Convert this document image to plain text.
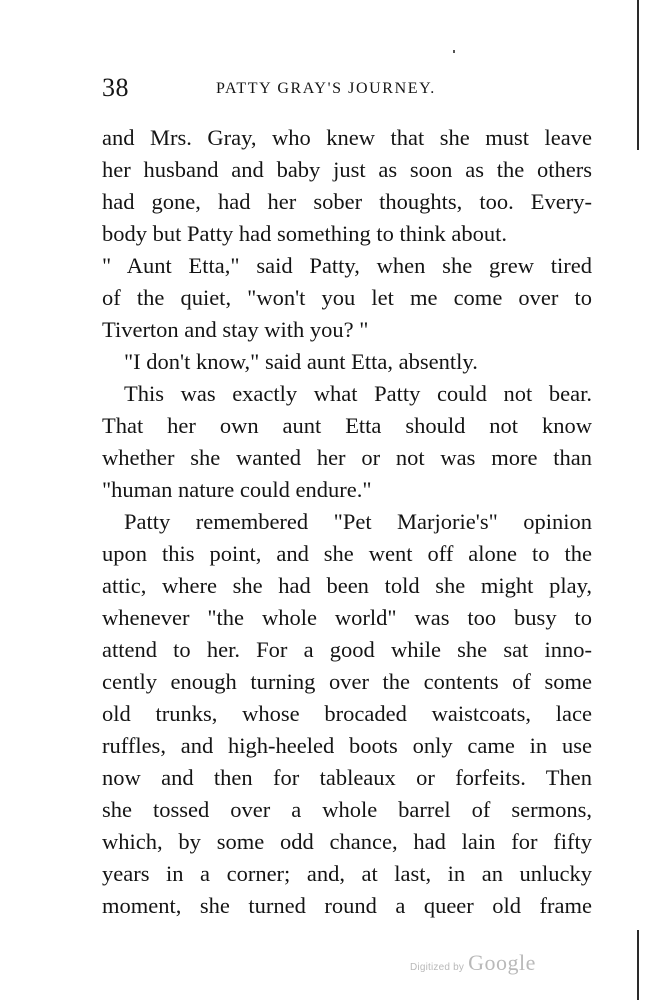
38	PATTY GRAY'S JOURNEY.
and Mrs. Gray, who knew that she must leave
her husband and baby just as soon as the others
had gone, had her sober thoughts, too. Every-
body but Patty had something to think about.
" Aunt Etta," said Patty, when she grew tired
of the quiet, "won't you let me come over to
Tiverton and stay with you? "
"I don't know," said aunt Etta, absently.
This was exactly what Patty could not bear.
That her own aunt Etta should not know
whether she wanted her or not was more than
"human nature could endure."
Patty remembered "Pet Marjorie's" opinion
upon this point, and she went off alone to the
attic, where she had been told she might play,
whenever "the whole world" was too busy to
attend to her. For a good while she sat inno-
cently enough turning over the contents of some
old trunks, whose brocaded waistcoats, lace
ruffles, and high-heeled boots only came in use
now and then for tableaux or forfeits. Then
she tossed over a whole barrel of sermons,
which, by some odd chance, had lain for fifty
years in a corner; and, at last, in an unlucky
moment, she turned round a queer old frame
Digitized by Google
